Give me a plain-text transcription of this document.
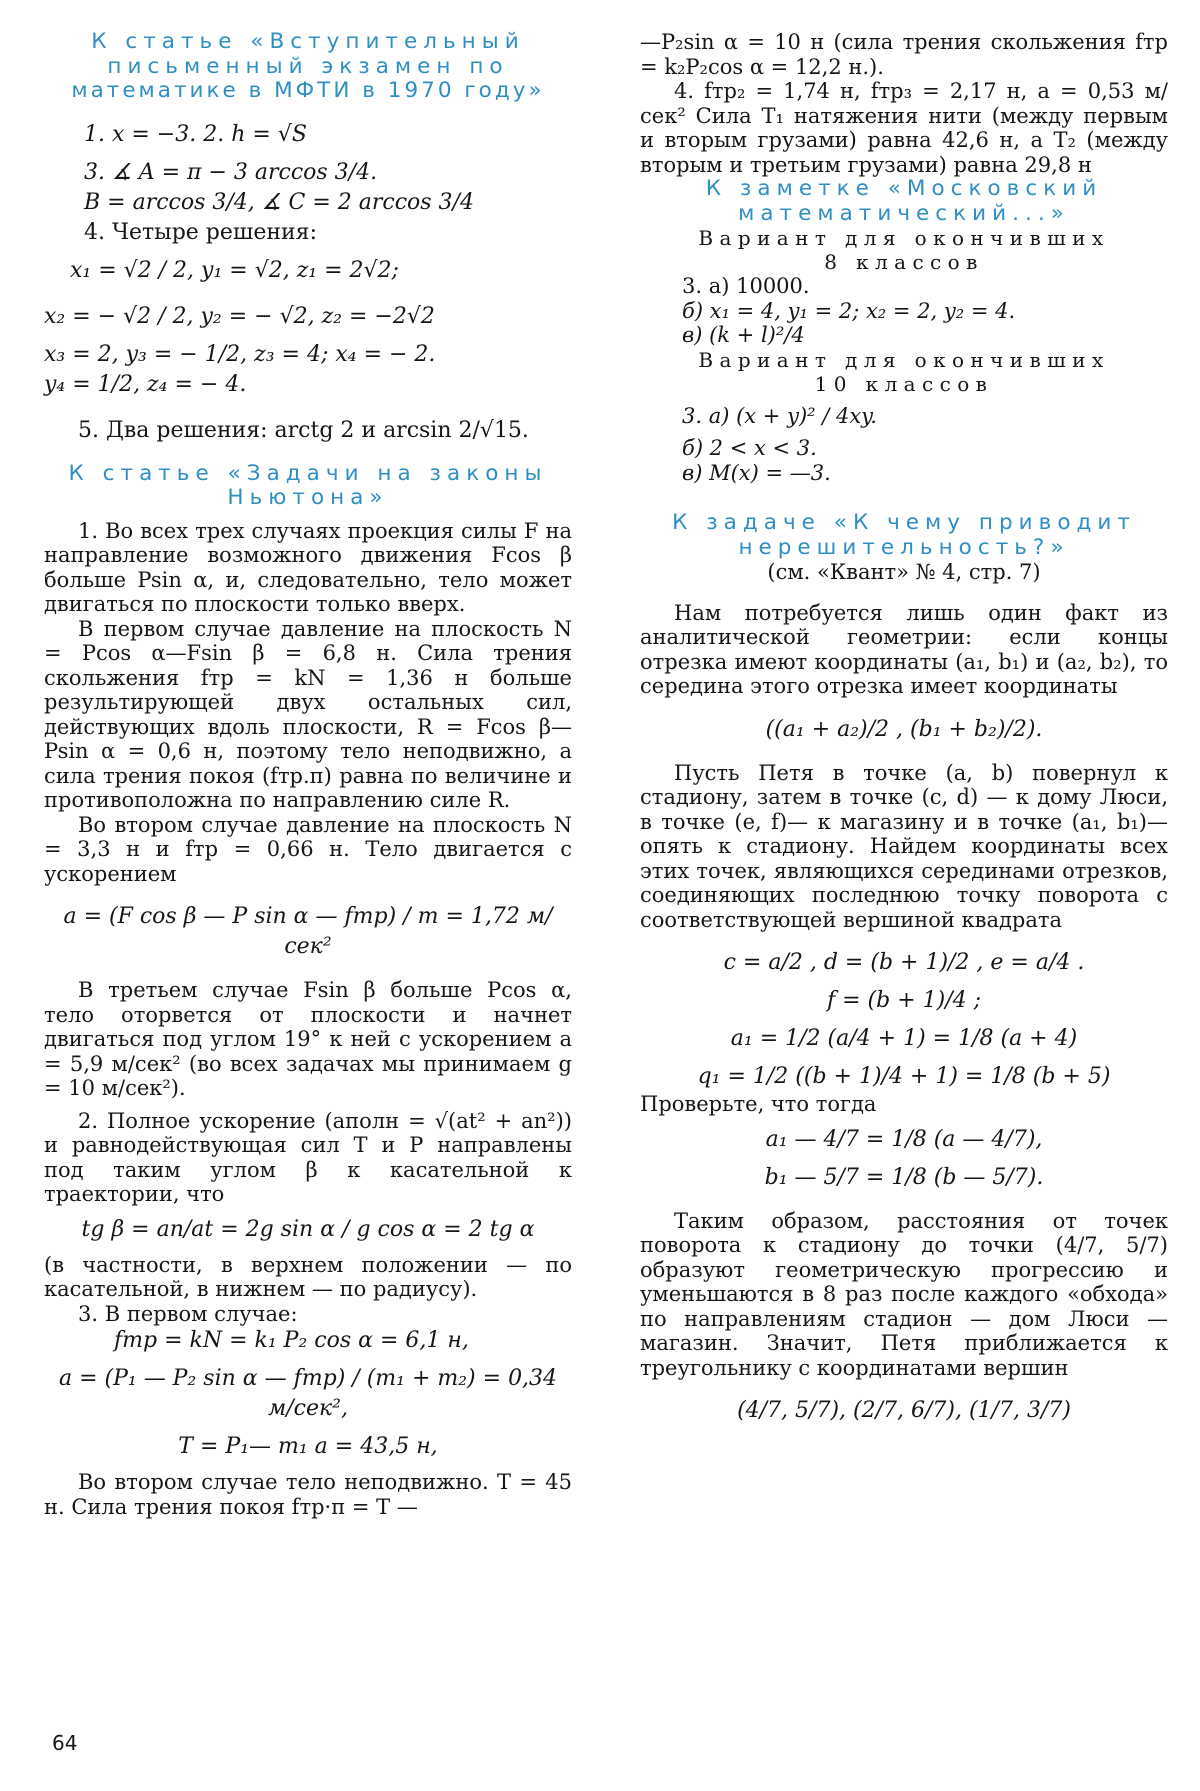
К статье «Вступительный
письменный экзамен по
математике в МФТИ в 1970 году»

1. x = −3. 2. h = √S

3. ∡ A = π − 3 arccos 3/4.

B = arccos 3/4, ∡ C = 2 arccos 3/4

4. Четыре решения:

x₁ = √2 / 2, y₁ = √2, z₁ = 2√2;

x₂ = − √2 / 2, y₂ = − √2, z₂ = −2√2

x₃ = 2, y₃ = − 1/2, z₃ = 4; x₄ = − 2.

y₄ = 1/2, z₄ = − 4.

5. Два решения: arctg 2 и arcsin 2/√15.

К статье «Задачи на законы
Ньютона»

1. Во всех трех случаях проекция силы F на направление возможного движения Fcos β больше Psin α, и, следовательно, тело может двигаться по плоскости только вверх.

В первом случае давление на плоскость N = Pcos α—Fsin β = 6,8 н. Сила трения скольжения fтр = kN = 1,36 н больше результирующей двух остальных сил, действующих вдоль плоскости, R = Fcos β—Psin α = 0,6 н, поэтому тело неподвижно, а сила трения покоя (fтр.п) равна по величине и противоположна по направлению силе R.

Во втором случае давление на плоскость N = 3,3 н и fтр = 0,66 н. Тело двигается с ускорением

a = (F cos β — P sin α — fтр) / m = 1,72 м/сек²

В третьем случае Fsin β больше Pcos α, тело оторвется от плоскости и начнет двигаться под углом 19° к ней с ускорением a = 5,9 м/сек² (во всех задачах мы принимаем g = 10 м/сек²).

2. Полное ускорение (aполн = √(at² + an²)) и равнодействующая сил T и P направлены под таким углом β к касательной к траектории, что

tg β = an/at = 2g sin α / g cos α = 2 tg α

(в частности, в верхнем положении — по касательной, в нижнем — по радиусу).

3. В первом случае:

fтр = kN = k₁ P₂ cos α = 6,1 н,

a = (P₁ — P₂ sin α — fтр) / (m₁ + m₂) = 0,34 м/сек²,

T = P₁— m₁ a = 43,5 н,

Во втором случае тело неподвижно. T = 45 н. Сила трения покоя fтр·п = T —

—P₂sin α = 10 н (сила трения скольжения fтр = k₂P₂cos α = 12,2 н.).

4. fтр₂ = 1,74 н, fтр₃ = 2,17 н, a = 0,53 м/сек² Сила T₁ натяжения нити (между первым и вторым грузами) равна 42,6 н, а T₂ (между вторым и третьим грузами) равна 29,8 н

К заметке «Московский
математический...»

Вариант для окончивших
8 классов

3. а) 10000.

б) x₁ = 4, y₁ = 2; x₂ = 2, y₂ = 4.

в) (k + l)²/4

Вариант для окончивших
10 классов

3. а) (x + y)² / 4xy.

б) 2 < x < 3.

в) M(x) = —3.

К задаче «К чему приводит
нерешительность?»

(см. «Квант» № 4, стр. 7)

Нам потребуется лишь один факт из аналитической геометрии: если концы отрезка имеют координаты (a₁, b₁) и (a₂, b₂), то середина этого отрезка имеет координаты

((a₁ + a₂)/2 , (b₁ + b₂)/2).

Пусть Петя в точке (a, b) повернул к стадиону, затем в точке (c, d) — к дому Люси, в точке (e, f)— к магазину и в точке (a₁, b₁)— опять к стадиону. Найдем координаты всех этих точек, являющихся серединами отрезков, соединяющих последнюю точку поворота с соответствующей вершиной квадрата

c = a/2 , d = (b + 1)/2 , e = a/4 .

f = (b + 1)/4 ;

a₁ = 1/2 (a/4 + 1) = 1/8 (a + 4)

q₁ = 1/2 ((b + 1)/4 + 1) = 1/8 (b + 5)

Проверьте, что тогда

a₁ — 4/7 = 1/8 (a — 4/7),

b₁ — 5/7 = 1/8 (b — 5/7).

Таким образом, расстояния от точек поворота к стадиону до точки (4/7, 5/7) образуют геометрическую прогрессию и уменьшаются в 8 раз после каждого «обхода» по направлениям стадион — дом Люси — магазин. Значит, Петя приближается к треугольнику с координатами вершин

(4/7, 5/7), (2/7, 6/7), (1/7, 3/7)

64
